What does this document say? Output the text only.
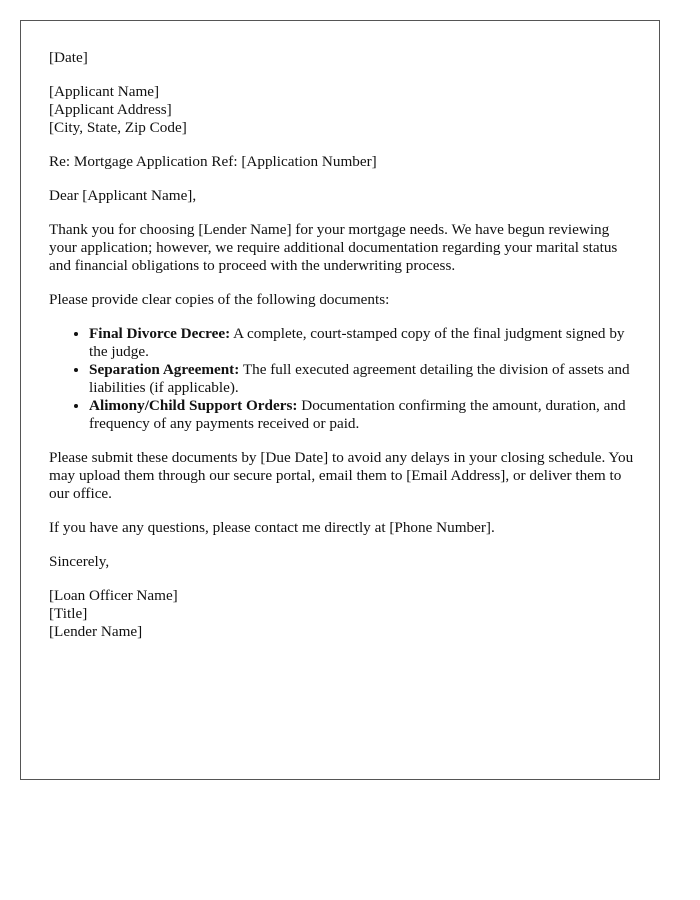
[Date]
[Applicant Name]
[Applicant Address]
[City, State, Zip Code]
Re: Mortgage Application Ref: [Application Number]
Dear [Applicant Name],
Thank you for choosing [Lender Name] for your mortgage needs. We have begun reviewing your application; however, we require additional documentation regarding your marital status and financial obligations to proceed with the underwriting process.
Please provide clear copies of the following documents:
• Final Divorce Decree: A complete, court-stamped copy of the final judgment signed by the judge.
• Separation Agreement: The full executed agreement detailing the division of assets and liabilities (if applicable).
• Alimony/Child Support Orders: Documentation confirming the amount, duration, and frequency of any payments received or paid.
Please submit these documents by [Due Date] to avoid any delays in your closing schedule. You may upload them through our secure portal, email them to [Email Address], or deliver them to our office.
If you have any questions, please contact me directly at [Phone Number].
Sincerely,
[Loan Officer Name]
[Title]
[Lender Name]
